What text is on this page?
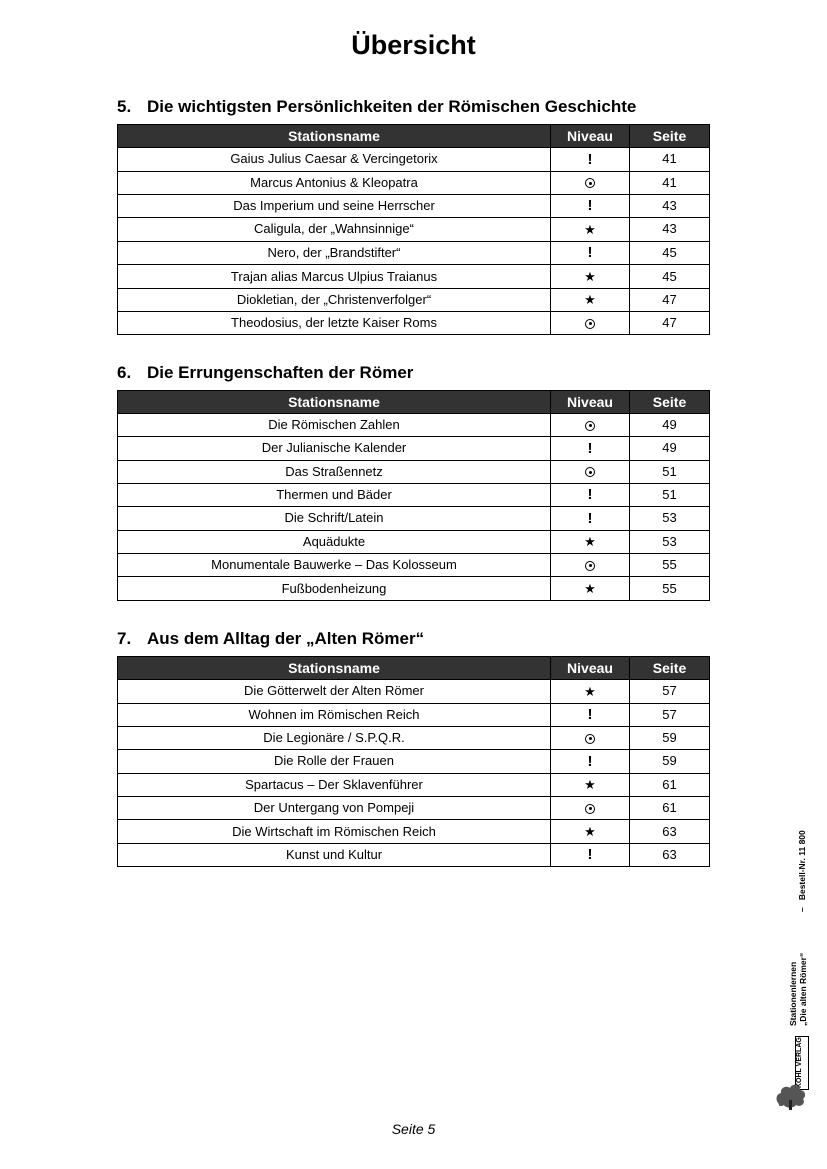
Übersicht
5. Die wichtigsten Persönlichkeiten der Römischen Geschichte
Stationsname	Niveau	Seite
Gaius Julius Caesar & Vercingetorix	!	41
Marcus Antonius & Kleopatra		41
Das Imperium und seine Herrscher	!	43
Caligula, der „Wahnsinnige“	★	43
Nero, der „Brandstifter“	!	45
Trajan alias Marcus Ulpius Traianus	★	45
Diokletian, der „Christenverfolger“	★	47
Theodosius, der letzte Kaiser Roms		47
6. Die Errungenschaften der Römer
Stationsname	Niveau	Seite
Die Römischen Zahlen		49
Der Julianische Kalender	!	49
Das Straßennetz		51
Thermen und Bäder	!	51
Die Schrift/Latein	!	53
Aquädukte	★	53
Monumentale Bauwerke – Das Kolosseum		55
Fußbodenheizung	★	55
7. Aus dem Alltag der „Alten Römer“
Stationsname	Niveau	Seite
Die Götterwelt der Alten Römer	★	57
Wohnen im Römischen Reich	!	57
Die Legionäre / S.P.Q.R.		59
Die Rolle der Frauen	!	59
Spartacus – Der Sklavenführer	★	61
Der Untergang von Pompeji		61
Die Wirtschaft im Römischen Reich	★	63
Kunst und Kultur	!	63
–   Bestell-Nr. 11 800
Stationenlernen „Die alten Römer“
KOHL VERLAG
Seite 5
